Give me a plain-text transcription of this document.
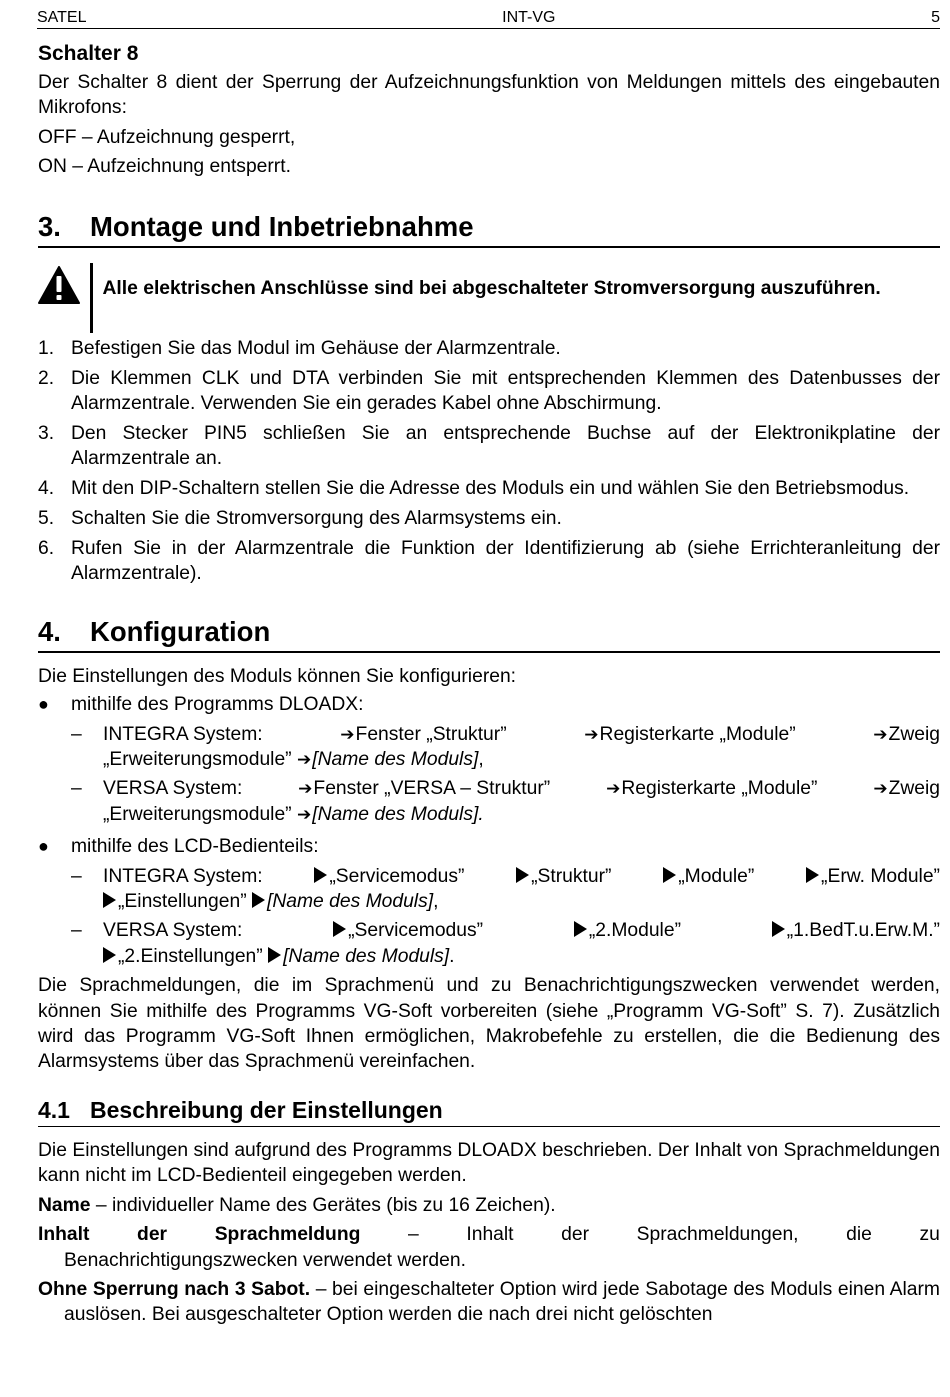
SATEL	INT-VG	5
Schalter 8

Der Schalter 8 dient der Sperrung der Aufzeichnungsfunktion von Meldungen mittels des eingebauten Mikrofons:

OFF – Aufzeichnung gesperrt,

ON – Aufzeichnung entsperrt.

3.	Montage und Inbetriebnahme

Alle elektrischen Anschlüsse sind bei abgeschalteter Stromversorgung auszuführen.

1. Befestigen Sie das Modul im Gehäuse der Alarmzentrale.
2. Die Klemmen CLK und DTA verbinden Sie mit entsprechenden Klemmen des Datenbusses der Alarmzentrale. Verwenden Sie ein gerades Kabel ohne Abschirmung.
3. Den Stecker PIN5 schließen Sie an entsprechende Buchse auf der Elektronikplatine der Alarmzentrale an.
4. Mit den DIP-Schaltern stellen Sie die Adresse des Moduls ein und wählen Sie den Betriebsmodus.
5. Schalten Sie die Stromversorgung des Alarmsystems ein.
6. Rufen Sie in der Alarmzentrale die Funktion der Identifizierung ab (siehe Errichteranleitung der Alarmzentrale).
4.	Konfiguration

Die Einstellungen des Moduls können Sie konfigurieren:

●	mithilfe des Programms DLOADX:
–	INTEGRA System:	➔Fenster „Struktur”	➔Registerkarte „Module”	➔Zweig
„Erweiterungsmodule” ➔[Name des Moduls],
–	VERSA System:	➔Fenster „VERSA – Struktur”	➔Registerkarte „Module”	➔Zweig
„Erweiterungsmodule” ➔[Name des Moduls].
●	mithilfe des LCD-Bedienteils:
–	INTEGRA System:	„Servicemodus”	„Struktur”	„Module”	„Erw. Module”
„Einstellungen” [Name des Moduls],
–	VERSA System:	„Servicemodus”	„2.Module”	„1.BedT.u.Erw.M.”
„2.Einstellungen” [Name des Moduls].

Die Sprachmeldungen, die im Sprachmenü und zu Benachrichtigungszwecken verwendet werden, können Sie mithilfe des Programms VG-Soft vorbereiten (siehe „Programm VG-Soft” S. 7). Zusätzlich wird das Programm VG-Soft Ihnen ermöglichen, Makrobefehle zu erstellen, die die Bedienung des Alarmsystems über das Sprachmenü vereinfachen.

4.1 Beschreibung der Einstellungen

Die Einstellungen sind aufgrund des Programms DLOADX beschrieben. Der Inhalt von Sprachmeldungen kann nicht im LCD-Bedienteil eingegeben werden.

Name – individueller Name des Gerätes (bis zu 16 Zeichen).

Inhalt der Sprachmeldung – Inhalt der Sprachmeldungen, die zu
Benachrichtigungszwecken verwendet werden.

Ohne Sperrung nach 3 Sabot. – bei eingeschalteter Option wird jede Sabotage des Moduls einen Alarm auslösen. Bei ausgeschalteter Option werden die nach drei nicht gelöschten
